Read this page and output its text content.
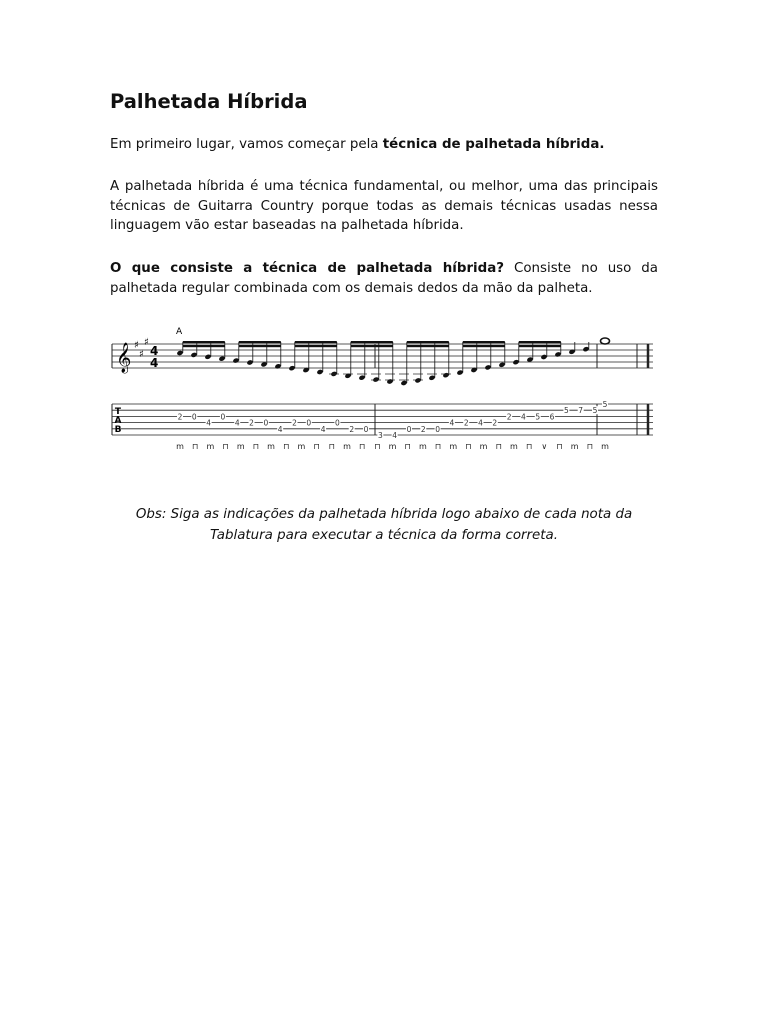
Palhetada Híbrida

Em primeiro lugar, vamos começar pela técnica de palhetada híbrida.

A palhetada híbrida é uma técnica fundamental, ou melhor, uma das principais técnicas de Guitarra Country porque todas as demais técnicas usadas nessa linguagem vão estar baseadas na palhetada híbrida.

O que consiste a técnica de palhetada híbrida? Consiste no uso da palhetada regular combinada com os demais dedos da mão da palheta.

𝄞 ♯
♯
♯
4
4
A
T
A
B
2 0
4
0
4 2 0
4
2 0
4
0
2 0
3 4
0 2 0
4 2 4 2
2 4 5 6
5 7 5
5
m ⊓ m ⊓ m ⊓ m ⊓ m ⊓ ⊓ m ⊓ ⊓ m ⊓ m ⊓ m ⊓ m ⊓ m ⊓ ∨ ⊓ m ⊓ m
Obs: Siga as indicações da palhetada híbrida logo abaixo de cada nota da Tablatura para executar a técnica da forma correta.
